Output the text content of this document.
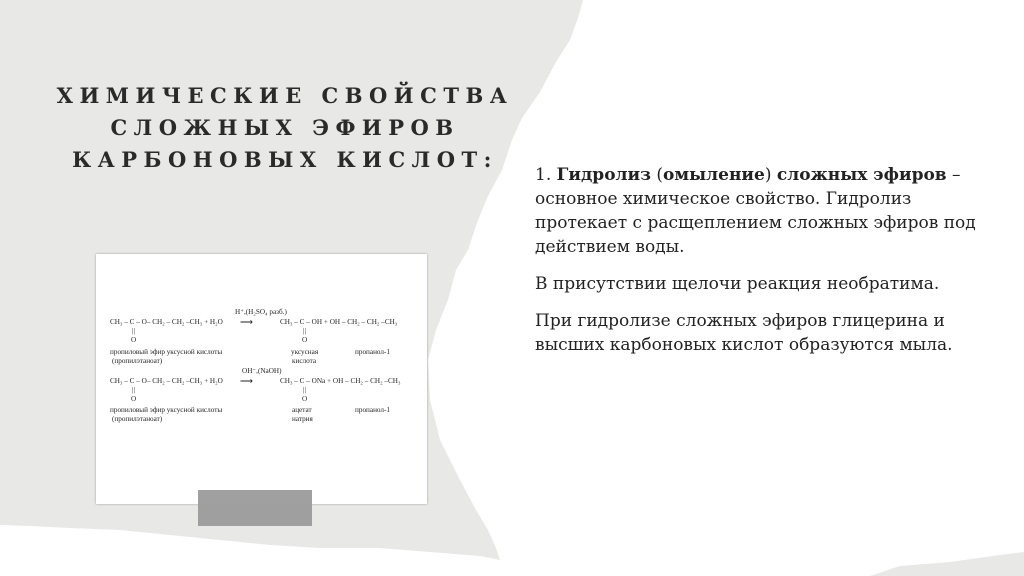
ХИМИЧЕСКИЕ СВОЙСТВА
СЛОЖНЫХ ЭФИРОВ
КАРБОНОВЫХ КИСЛОТ:
H⁺,(H₂SO₄ разб.)
CH₃ – C – O– CH₂ – CH₂ –CH₃ + H₂O ⟶	CH₃ – C – OH + OH – CH₂ – CH₂ –CH₃
||	||
O	O
пропиловый эфир уксусной кислоты
(пропилэтаноат)
уксусная
кислота
пропанол-1
OH⁻,(NaOH)
CH₃ – C – O– CH₂ – CH₂ –CH₃ + H₂O ⟶	CH₃ – C – ONa + OH – CH₂ – CH₂ –CH₃
||	||
O	O
пропиловый эфир уксусной кислоты
(пропилэтаноат)
ацетат
натрия
пропанол-1

1. Гидролиз (омыление) сложных эфиров – основное химическое свойство. Гидролиз протекает с расщеплением сложных эфиров под действием воды.

В присутствии щелочи реакция необратима.

При гидролизе сложных эфиров глицерина и высших карбоновых кислот образуются мыла.
